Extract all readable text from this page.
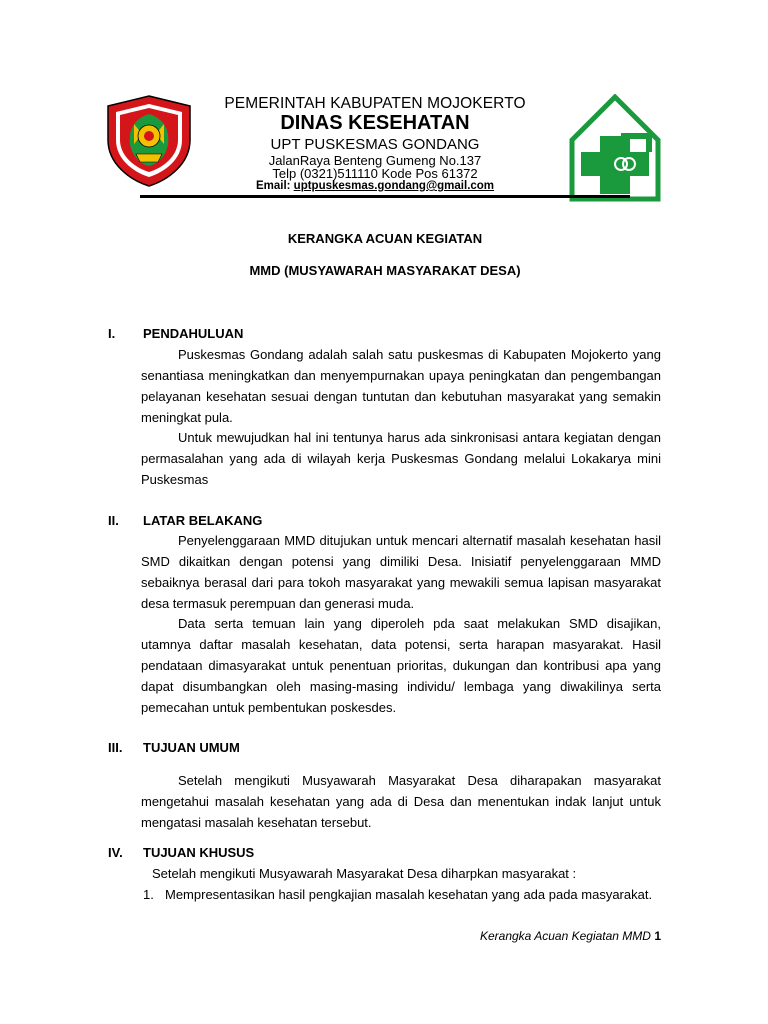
PEMERINTAH KABUPATEN MOJOKERTO
DINAS KESEHATAN
UPT PUSKESMAS GONDANG
JalanRaya Benteng Gumeng No.137
Telp (0321)511110 Kode Pos 61372
Email: uptpuskesmas.gondang@gmail.com
KERANGKA ACUAN KEGIATAN
MMD (MUSYAWARAH MASYARAKAT DESA)
I. PENDAHULUAN

Puskesmas Gondang adalah salah satu puskesmas di Kabupaten Mojokerto yang senantiasa meningkatkan dan menyempurnakan upaya peningkatan dan pengembangan pelayanan kesehatan sesuai dengan tuntutan dan kebutuhan masyarakat yang semakin meningkat pula.

Untuk mewujudkan hal ini tentunya harus ada sinkronisasi antara kegiatan dengan permasalahan yang ada di wilayah kerja Puskesmas Gondang melalui Lokakarya mini Puskesmas

II. LATAR BELAKANG

Penyelenggaraan MMD ditujukan untuk mencari alternatif masalah kesehatan hasil SMD dikaitkan dengan potensi yang dimiliki Desa. Inisiatif penyelenggaraan MMD sebaiknya berasal dari para tokoh masyarakat yang mewakili semua lapisan masyarakat desa termasuk perempuan dan generasi muda.

Data serta temuan lain yang diperoleh pda saat melakukan SMD disajikan, utamnya daftar masalah kesehatan, data potensi, serta harapan masyarakat. Hasil pendataan dimasyarakat untuk penentuan prioritas, dukungan dan kontribusi apa yang dapat disumbangkan oleh masing-masing individu/ lembaga yang diwakilinya serta pemecahan untuk pembentukan poskesdes.

III. TUJUAN UMUM

Setelah mengikuti Musyawarah Masyarakat Desa diharapakan masyarakat mengetahui masalah kesehatan yang ada di Desa dan menentukan indak lanjut untuk mengatasi masalah kesehatan tersebut.

IV. TUJUAN KHUSUS
Setelah mengikuti Musyawarah Masyarakat Desa diharpkan masyarakat :
1. Mempresentasikan hasil pengkajian masalah kesehatan yang ada pada masyarakat.

Kerangka Acuan Kegiatan MMD 1
